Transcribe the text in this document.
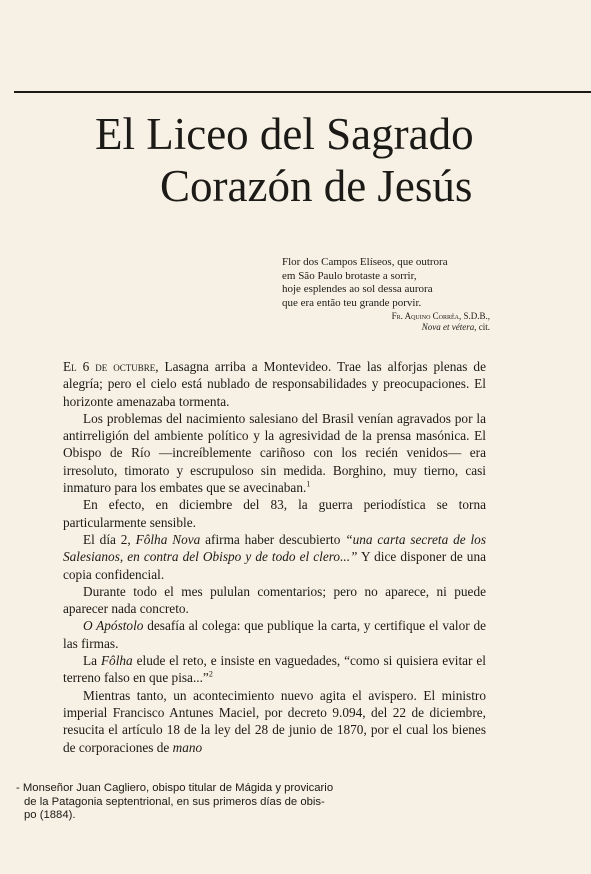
El Liceo del Sagrado
Corazón de Jesús
Flor dos Campos Elíseos, que outrora
em São Paulo brotaste a sorrir,
hoje esplendes ao sol dessa aurora
que era então teu grande porvir.
Fr. Aquino Corrêa, S.D.B.,
Nova et vétera, cit.

El 6 de octubre, Lasagna arriba a Montevideo. Trae las alforjas plenas de alegría; pero el cielo está nublado de responsabilidades y preocupaciones. El horizonte amenazaba tormenta.

Los problemas del nacimiento salesiano del Brasil venían agravados por la antirreligión del ambiente político y la agresividad de la prensa masónica. El Obispo de Río —increíblemente cariñoso con los recién venidos— era irresoluto, timorato y escrupuloso sin medida. Borghino, muy tierno, casi inmaturo para los embates que se avecinaban.$^1$

En efecto, en diciembre del 83, la guerra periodística se torna particularmente sensible.

El día 2, Fôlha Nova afirma haber descubierto “una carta secreta de los Salesianos, en contra del Obispo y de todo el clero...” Y dice disponer de una copia confidencial.

Durante todo el mes pululan comentarios; pero no aparece, ni puede aparecer nada concreto.

O Apóstolo desafía al colega: que publique la carta, y certifique el valor de las firmas.

La Fôlha elude el reto, e insiste en vaguedades, “como si quisiera evitar el terreno falso en que pisa...”$^2$

Mientras tanto, un acontecimiento nuevo agita el avispero. El ministro imperial Francisco Antunes Maciel, por decreto 9.094, del 22 de diciembre, resucita el artículo 18 de la ley del 28 de junio de 1870, por el cual los bienes de corporaciones de mano

- Monseñor Juan Cagliero, obispo titular de Mágida y provicario
de la Patagonia septentrional, en sus primeros días de obis-
po (1884).
